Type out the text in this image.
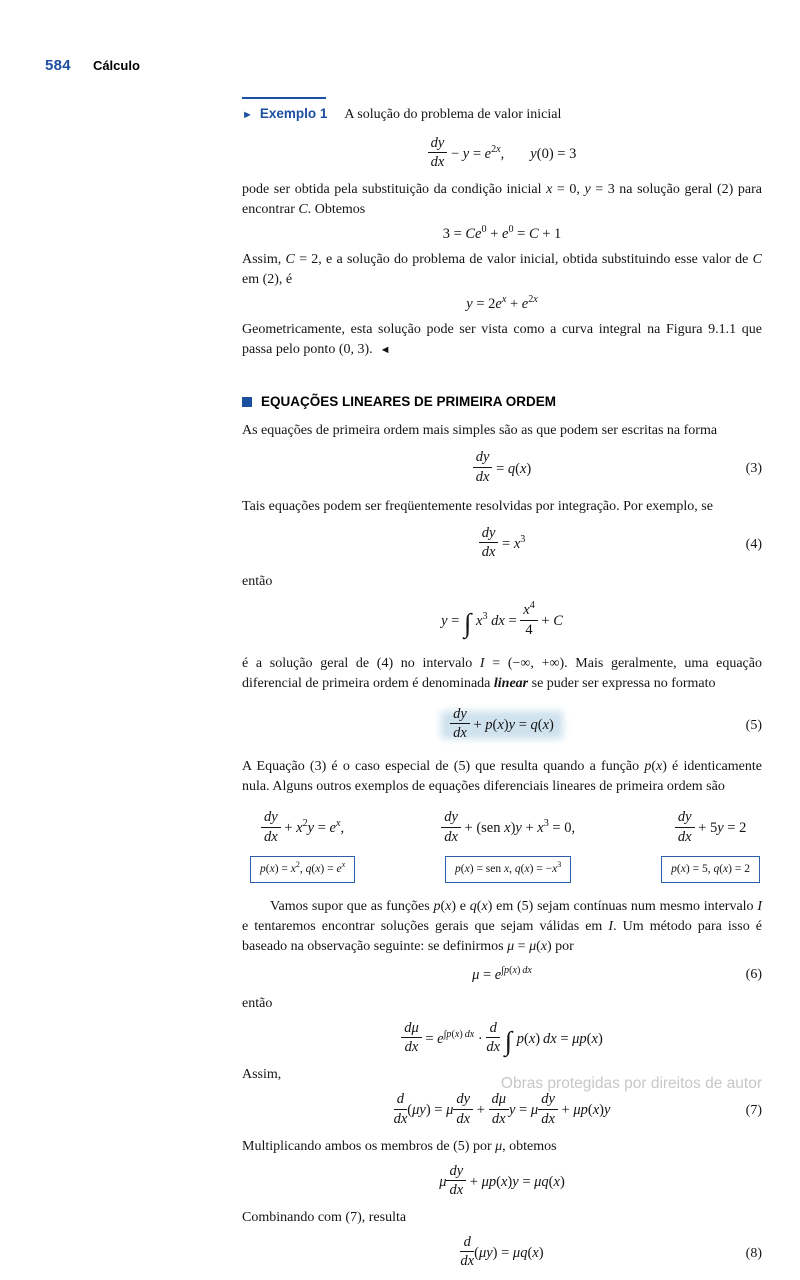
584 Cálculo
► Exemplo 1 A solução do problema de valor inicial
$\frac{dy}{dx} - y = e^{2x}$, y(0) = 3

pode ser obtida pela substituição da condição inicial x = 0, y = 3 na solução geral (2) para encontrar C. Obtemos

$3 = Ce^0 + e^0 = C + 1$

Assim, C = 2, e a solução do problema de valor inicial, obtida substituindo esse valor de C em (2), é

$y = 2e^x + e^{2x}$

Geometricamente, esta solução pode ser vista como a curva integral na Figura 9.1.1 que passa pelo ponto (0, 3).  ◄

EQUAÇÕES LINEARES DE PRIMEIRA ORDEM

As equações de primeira ordem mais simples são as que podem ser escritas na forma

$\frac{dy}{dx} = q(x)$	(3)

Tais equações podem ser freqüentemente resolvidas por integração. Por exemplo, se

$\frac{dy}{dx} = x^3$	(4)

então

y = ∫ $x^3$ dx = $\frac{x^4}{4} + C$

é a solução geral de (4) no intervalo I = (−∞, +∞). Mais geralmente, uma equação diferencial de primeira ordem é denominada linear se puder ser expressa no formato

$\frac{dy}{dx} + p(x)y = q(x)$	(5)

A Equação (3) é o caso especial de (5) que resulta quando a função p(x) é identicamente nula. Alguns outros exemplos de equações diferenciais lineares de primeira ordem são

$\frac{dy}{dx} + x^2y = e^x$,
$p(x) = x^2$, $q(x) = e^x$
$\frac{dy}{dx} + (sen$ $x)y + x^3 = 0$,
p(x) = sen x, $q(x) = -x^3$
$\frac{dy}{dx} + 5y = 2$
p(x) = 5, q(x) = 2

Vamos supor que as funções p(x) e q(x) em (5) sejam contínuas num mesmo intervalo I e tentaremos encontrar soluções gerais que sejam válidas em I. Um método para isso é baseado na observação seguinte: se definirmos μ = μ(x) por

$\mu = e^{\int p(x) dx}$	(6)

então

$\frac{d\mu}{dx} = e^{\int p(x) dx} \cdot \frac{d}{dx}$ ∫ p(x) dx = μp(x)

Assim,

$\frac{d}{dx} (\mu y) = \mu \frac{dy}{dx} + \frac{d\mu}{dx}$ y = μ $\frac{dy}{dx} + \mu p(x)y$	(7)

Multiplicando ambos os membros de (5) por μ, obtemos

μ $\frac{dy}{dx} + \mu p(x)y = \mu q(x)$

Combinando com (7), resulta

$\frac{d}{dx} (\mu y) = \mu q(x)$	(8)
Obras protegidas por direitos de autor
